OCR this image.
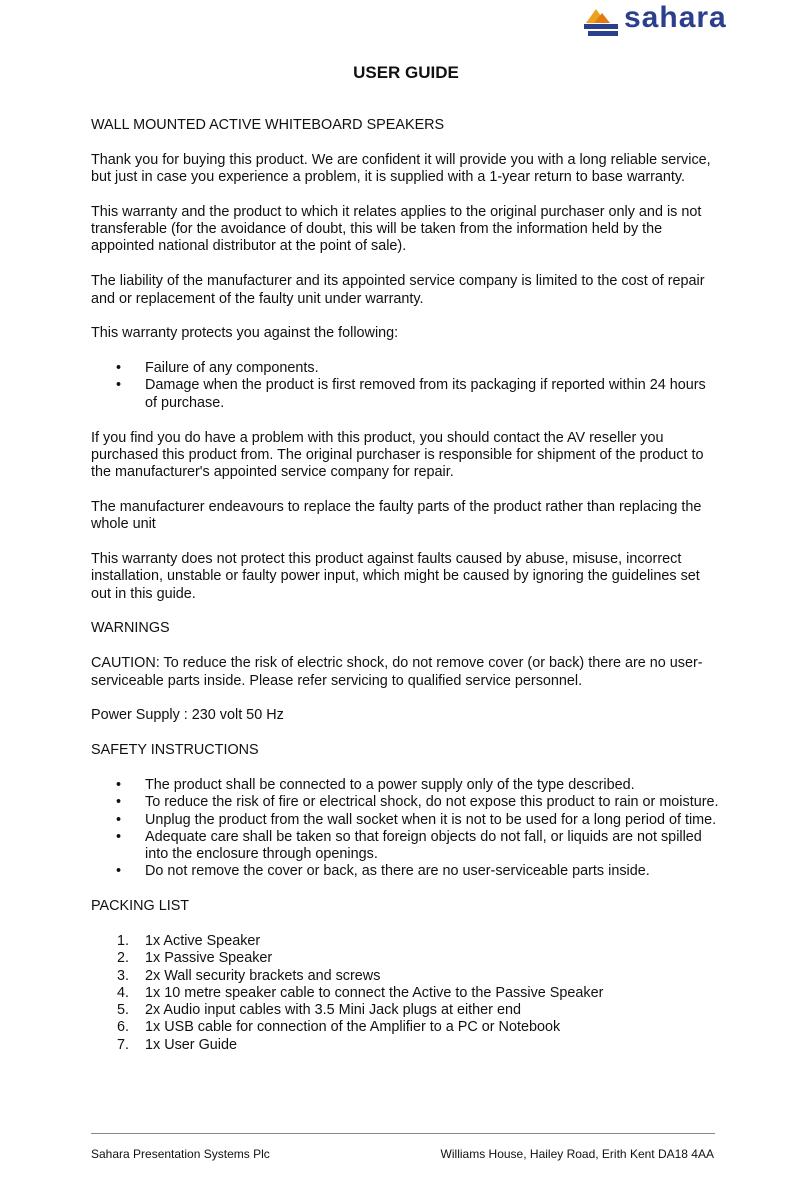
sahara
USER GUIDE

WALL MOUNTED ACTIVE WHITEBOARD SPEAKERS

Thank you for buying this product. We are confident it will provide you with a long reliable service, but just in case you experience a problem, it is supplied with a 1-year return to base warranty.

This warranty and the product to which it relates applies to the original purchaser only and is not transferable (for the avoidance of doubt, this will be taken from the information held by the appointed national distributor at the point of sale).

The liability of the manufacturer and its appointed service company is limited to the cost of repair and or replacement of the faulty unit under warranty.

This warranty protects you against the following:

• Failure of any components.
• Damage when the product is first removed from its packaging if reported within 24 hours of purchase.

If you find you do have a problem with this product, you should contact the AV reseller you purchased this product from. The original purchaser is responsible for shipment of the product to the manufacturer's appointed service company for repair.

The manufacturer endeavours to replace the faulty parts of the product rather than replacing the whole unit

This warranty does not protect this product against faults caused by abuse, misuse, incorrect installation, unstable or faulty power input, which might be caused by ignoring the guidelines set out in this guide.

WARNINGS

CAUTION: To reduce the risk of electric shock, do not remove cover (or back) there are no user-serviceable parts inside. Please refer servicing to qualified service personnel.

Power Supply : 230 volt 50 Hz

SAFETY INSTRUCTIONS

• The product shall be connected to a power supply only of the type described.
• To reduce the risk of fire or electrical shock, do not expose this product to rain or moisture.
• Unplug the product from the wall socket when it is not to be used for a long period of time.
• Adequate care shall be taken so that foreign objects do not fall, or liquids are not spilled into the enclosure through openings.
• Do not remove the cover or back, as there are no user-serviceable parts inside.

PACKING LIST

1. 1x Active Speaker
2. 1x Passive Speaker
3. 2x Wall security brackets and screws
4. 1x 10 metre speaker cable to connect the Active to the Passive Speaker
5. 2x Audio input cables with 3.5 Mini Jack plugs at either end
6. 1x USB cable for connection of the Amplifier to a PC or Notebook
7. 1x User Guide
Sahara Presentation Systems Plc	Williams House, Hailey Road, Erith Kent DA18 4AA
